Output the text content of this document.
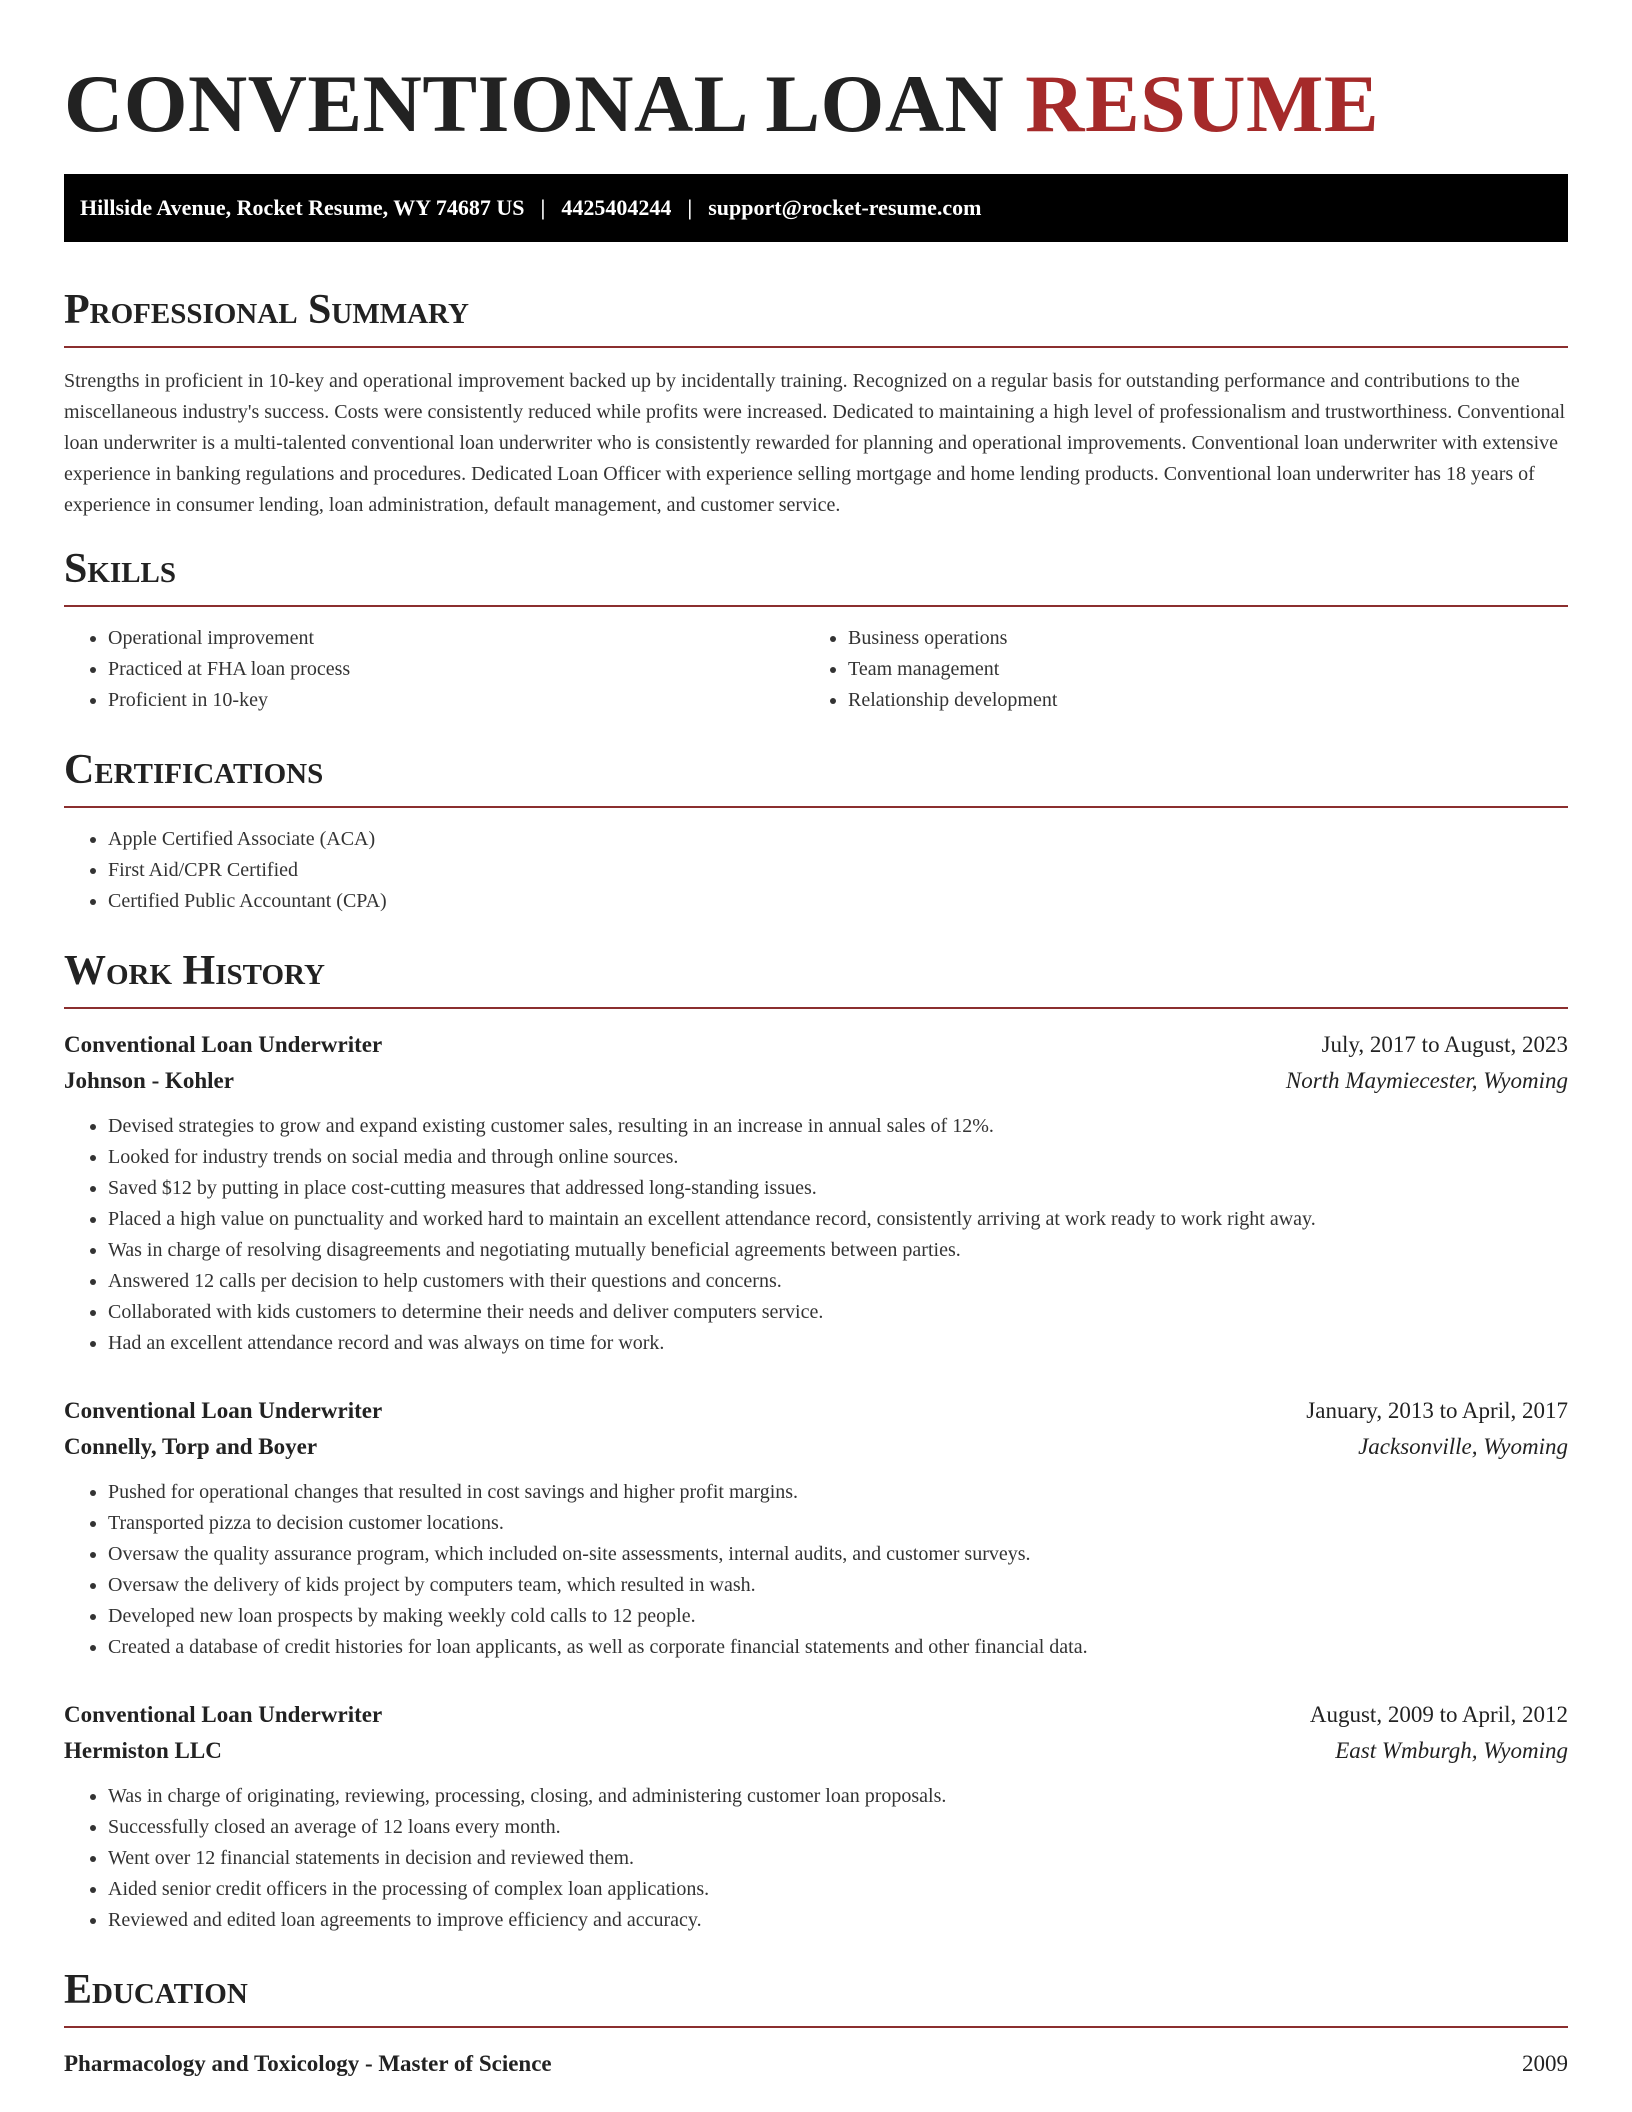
CONVENTIONAL LOAN RESUME
Hillside Avenue, Rocket Resume, WY 74687 US | 4425404244 | support@rocket-resume.com
Professional Summary

Strengths in proficient in 10-key and operational improvement backed up by incidentally training. Recognized on a regular basis for outstanding performance and contributions to the miscellaneous industry's success. Costs were consistently reduced while profits were increased. Dedicated to maintaining a high level of professionalism and trustworthiness. Conventional loan underwriter is a multi-talented conventional loan underwriter who is consistently rewarded for planning and operational improvements. Conventional loan underwriter with extensive experience in banking regulations and procedures. Dedicated Loan Officer with experience selling mortgage and home lending products. Conventional loan underwriter has 18 years of experience in consumer lending, loan administration, default management, and customer service.

Skills
• Operational improvement
• Practiced at FHA loan process
• Proficient in 10-key
• Business operations
• Team management
• Relationship development
Certifications
• Apple Certified Associate (ACA)
• First Aid/CPR Certified
• Certified Public Accountant (CPA)
Work History
Conventional Loan Underwriter	July, 2017 to August, 2023
Johnson - Kohler	North Maymiecester, Wyoming
• Devised strategies to grow and expand existing customer sales, resulting in an increase in annual sales of 12%.
• Looked for industry trends on social media and through online sources.
• Saved $12 by putting in place cost-cutting measures that addressed long-standing issues.
• Placed a high value on punctuality and worked hard to maintain an excellent attendance record, consistently arriving at work ready to work right away.
• Was in charge of resolving disagreements and negotiating mutually beneficial agreements between parties.
• Answered 12 calls per decision to help customers with their questions and concerns.
• Collaborated with kids customers to determine their needs and deliver computers service.
• Had an excellent attendance record and was always on time for work.
Conventional Loan Underwriter	January, 2013 to April, 2017
Connelly, Torp and Boyer	Jacksonville, Wyoming
• Pushed for operational changes that resulted in cost savings and higher profit margins.
• Transported pizza to decision customer locations.
• Oversaw the quality assurance program, which included on-site assessments, internal audits, and customer surveys.
• Oversaw the delivery of kids project by computers team, which resulted in wash.
• Developed new loan prospects by making weekly cold calls to 12 people.
• Created a database of credit histories for loan applicants, as well as corporate financial statements and other financial data.
Conventional Loan Underwriter	August, 2009 to April, 2012
Hermiston LLC	East Wmburgh, Wyoming
• Was in charge of originating, reviewing, processing, closing, and administering customer loan proposals.
• Successfully closed an average of 12 loans every month.
• Went over 12 financial statements in decision and reviewed them.
• Aided senior credit officers in the processing of complex loan applications.
• Reviewed and edited loan agreements to improve efficiency and accuracy.
Education
Pharmacology and Toxicology - Master of Science	2009
